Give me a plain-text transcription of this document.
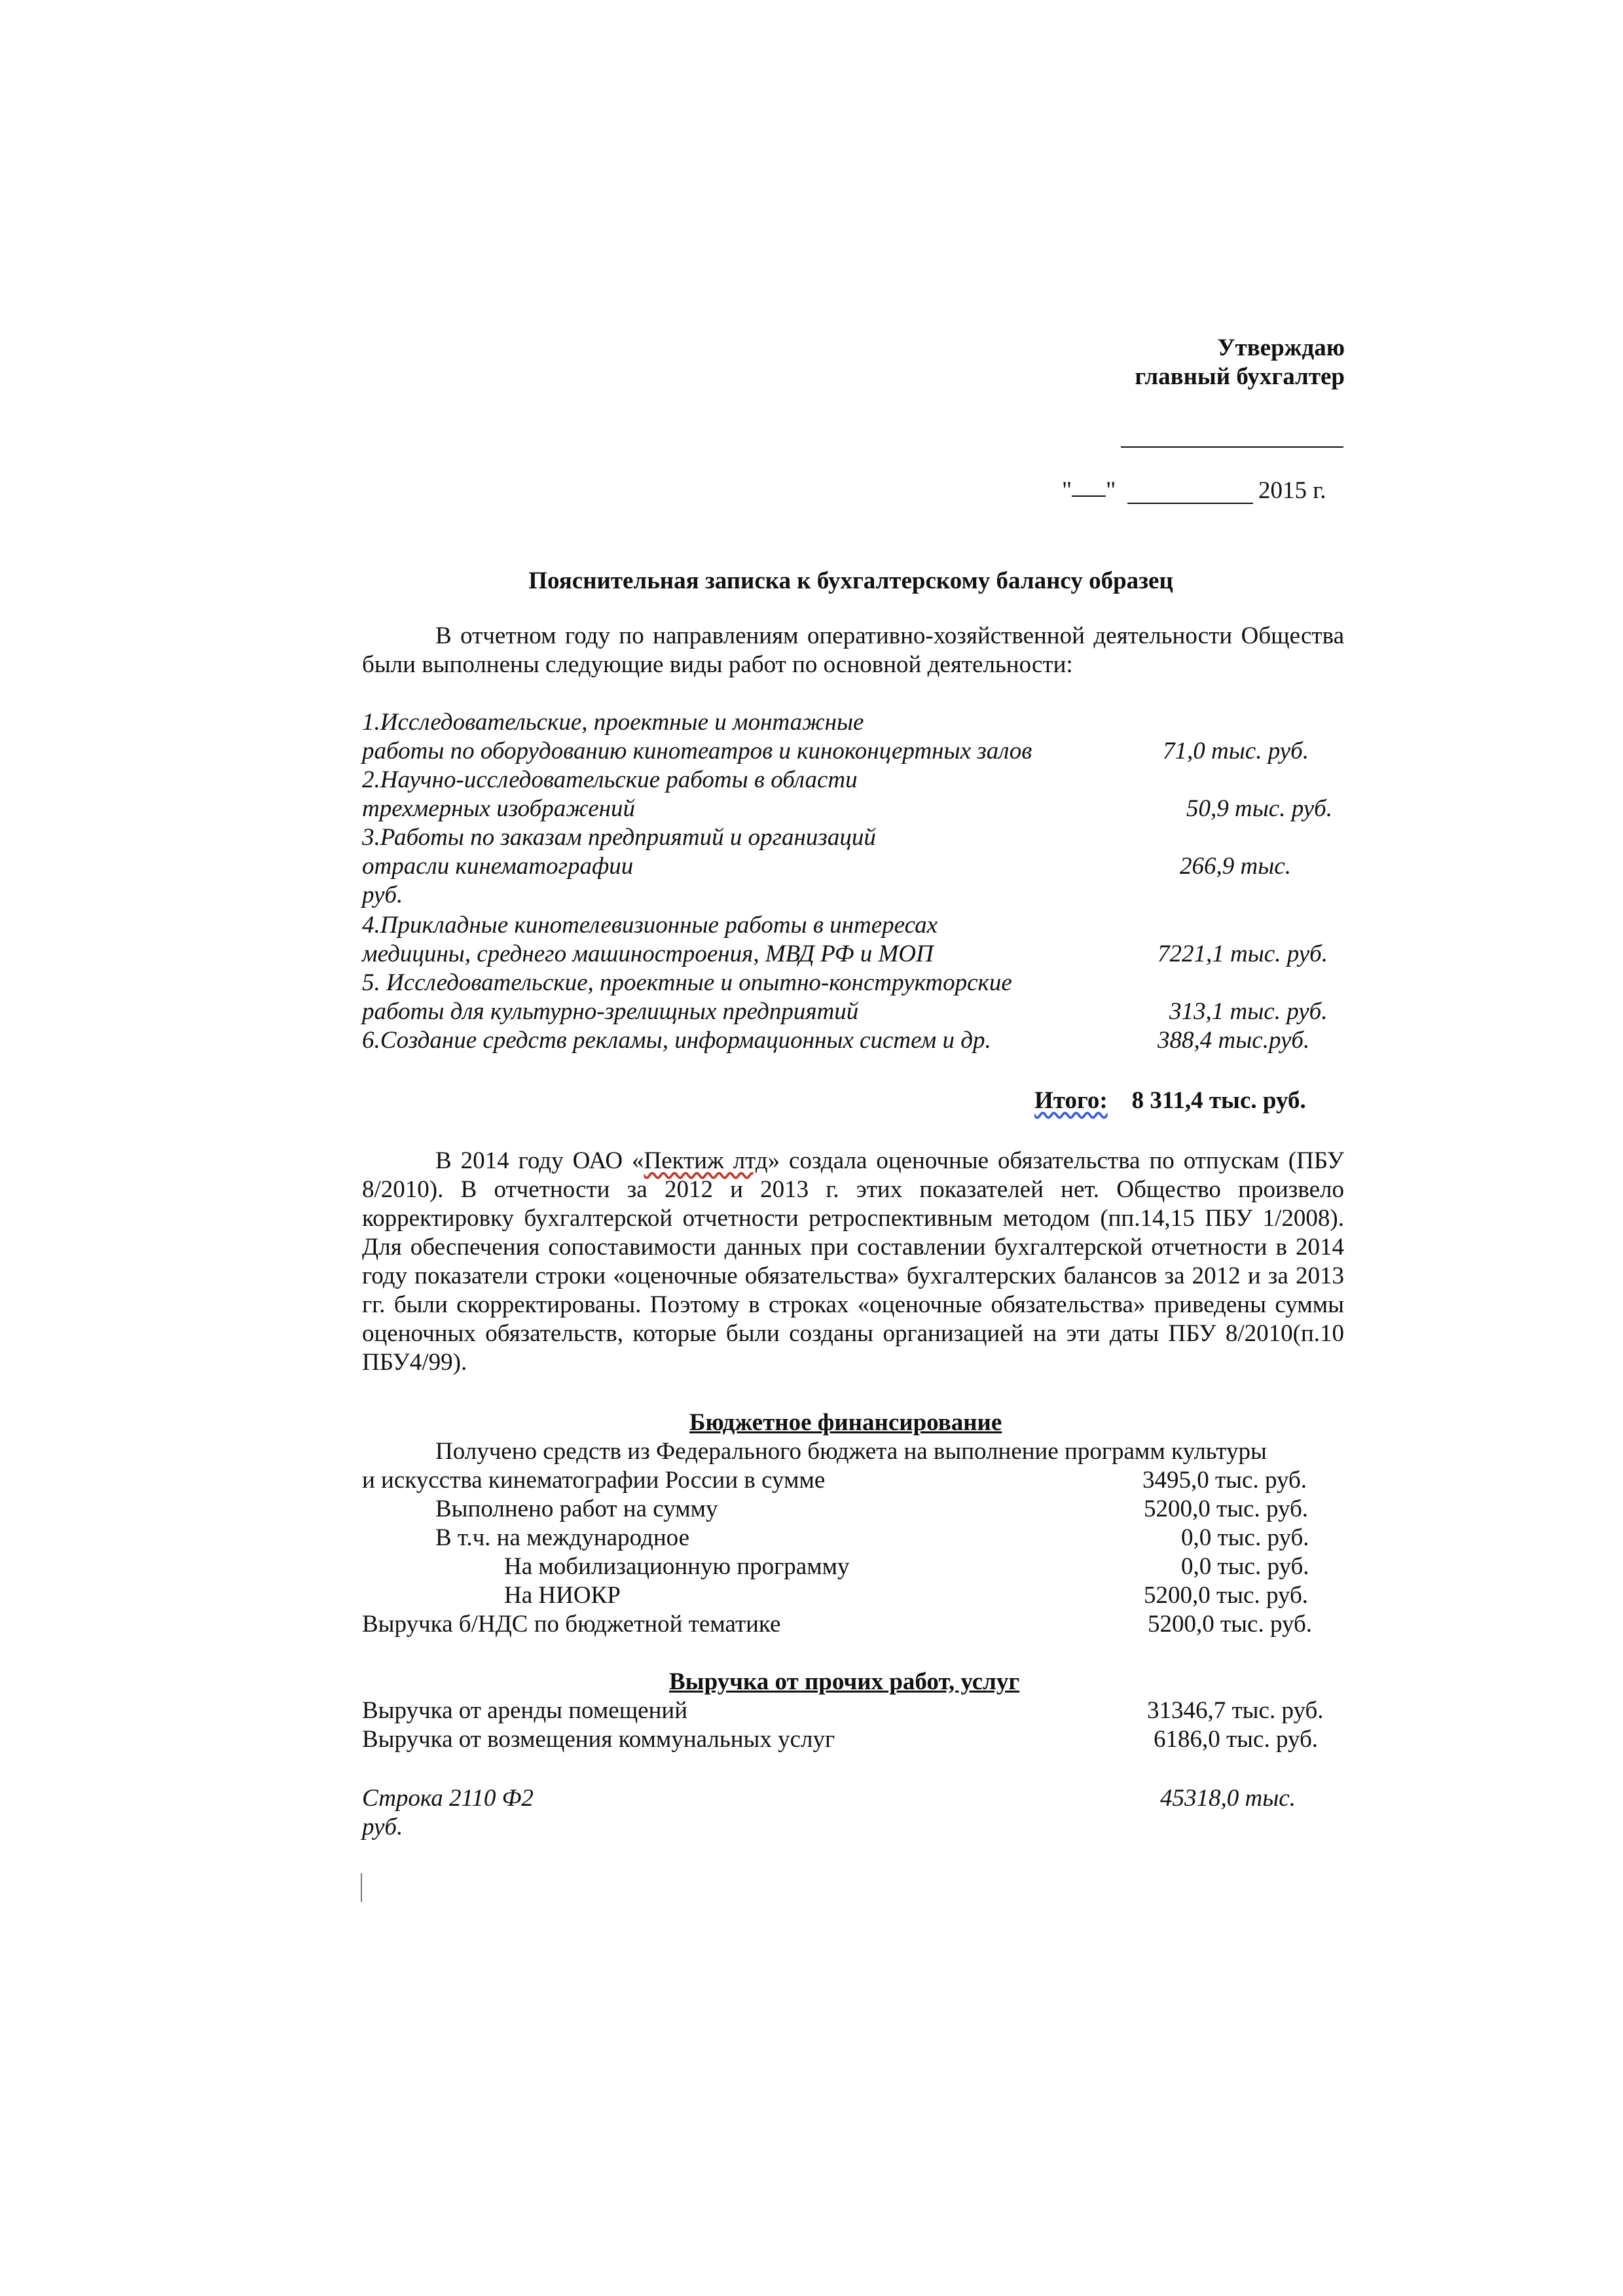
Утверждаю
главный бухгалтер
" "	2015 г.
Пояснительная записка к бухгалтерскому балансу образец
В отчетном году по направлениям оперативно-хозяйственной деятельности Общества были выполнены следующие виды работ по основной деятельности:
1.Исследовательские, проектные и монтажные
работы по оборудованию кинотеатров и киноконцертных залов	71,0 тыс. руб.
2.Научно-исследовательские работы в области
трехмерных изображений	50,9 тыс. руб.
3.Работы по заказам предприятий и организаций
отрасли кинематографии	266,9 тыс.
руб.
4.Прикладные кинотелевизионные работы в интересах
медицины, среднего машиностроения, МВД РФ и МОП	7221,1 тыс. руб.
5. Исследовательские, проектные и опытно-конструкторские
работы для культурно-зрелищных предприятий	313,1 тыс. руб.
6.Создание средств рекламы, информационных систем и др.	388,4 тыс.руб.
Итого: 8 311,4 тыс. руб.
В 2014 году ОАО «Пектиж лтд» создала оценочные обязательства по отпускам (ПБУ 8/2010). В отчетности за 2012 и 2013 г. этих показателей нет. Общество произвело корректировку бухгалтерской отчетности ретроспективным методом (пп.14,15 ПБУ 1/2008). Для обеспечения сопоставимости данных при составлении бухгалтерской отчетности в 2014 году показатели строки «оценочные обязательства» бухгалтерских балансов за 2012 и за 2013 гг. были скорректированы. Поэтому в строках «оценочные обязательства» приведены суммы оценочных обязательств, которые были созданы организацией на эти даты ПБУ 8/2010(п.10 ПБУ4/99).
Бюджетное финансирование
Получено средств из Федерального бюджета на выполнение программ культуры
и искусства кинематографии России в сумме	3495,0 тыс. руб.
Выполнено работ на сумму	5200,0 тыс. руб.
В т.ч. на международное	0,0 тыс. руб.
На мобилизационную программу	0,0 тыс. руб.
На НИОКР	5200,0 тыс. руб.
Выручка б/НДС по бюджетной тематике	5200,0 тыс. руб.
Выручка от прочих работ, услуг
Выручка от аренды помещений	31346,7 тыс. руб.
Выручка от возмещения коммунальных услуг	6186,0 тыс. руб.
Строка 2110 Ф2	45318,0 тыс.
руб.
